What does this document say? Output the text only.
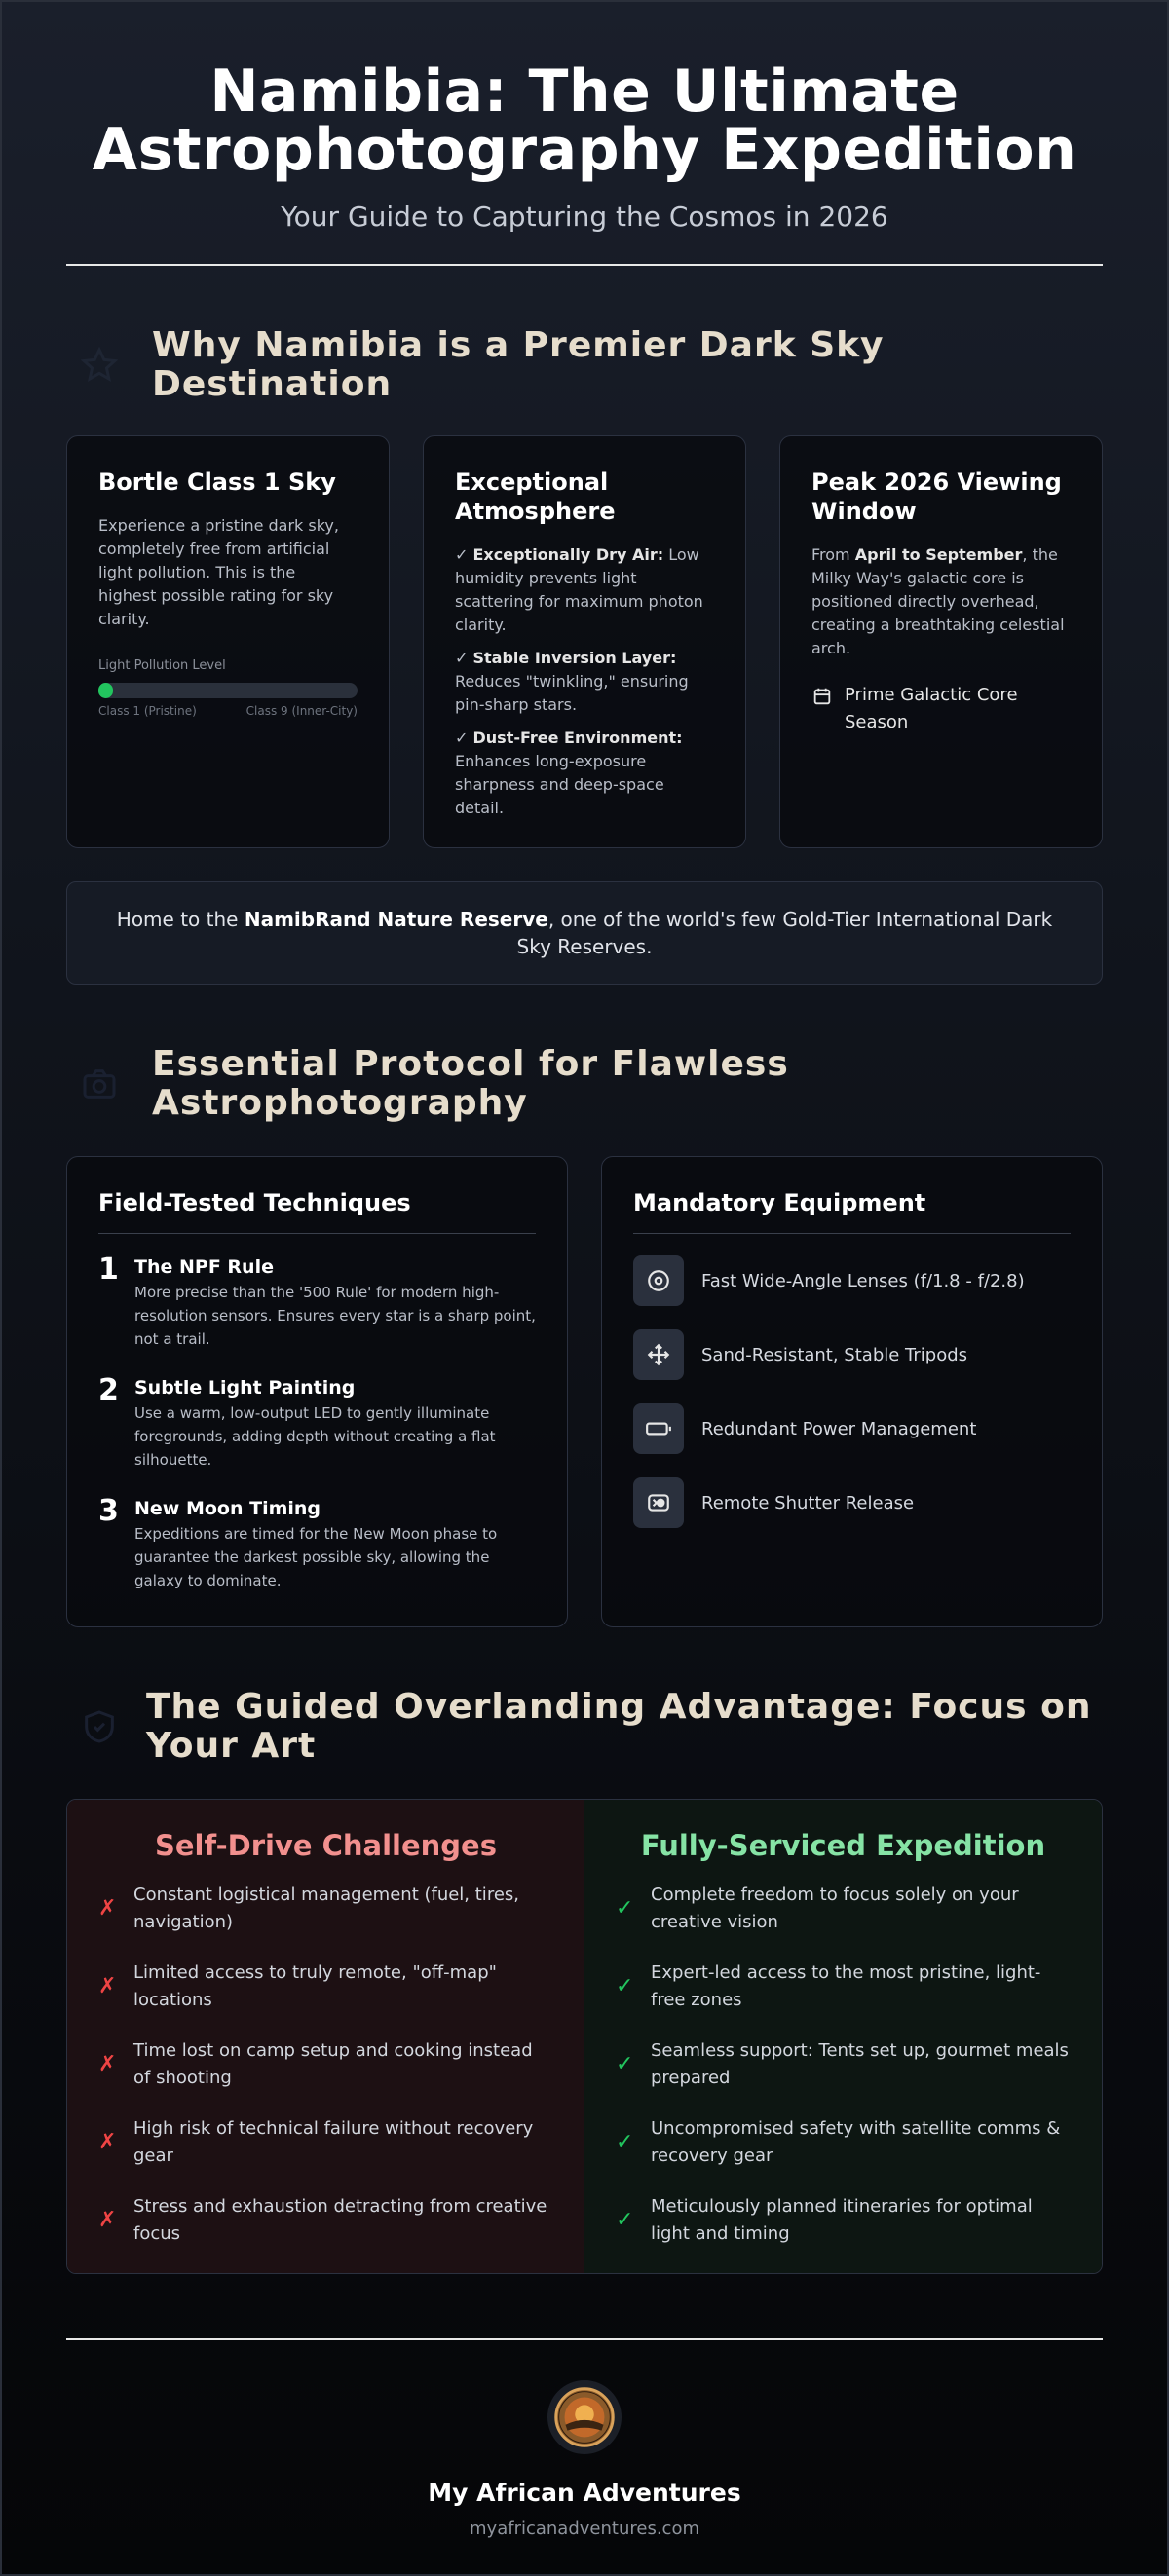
Namibia: The Ultimate
Astrophotography Expedition
Your Guide to Capturing the Cosmos in 2026
Why Namibia is a Premier Dark Sky
Destination
Bortle Class 1 Sky

Experience a pristine dark sky, completely free from artificial light pollution. This is the highest possible rating for sky clarity.

Light Pollution Level
Class 1 (Pristine)	Class 9 (Inner-City)
Exceptional Atmosphere
✓ Exceptionally Dry Air: Low humidity prevents light scattering for maximum photon clarity.
✓ Stable Inversion Layer: Reduces "twinkling," ensuring pin-sharp stars.
✓ Dust-Free Environment: Enhances long-exposure sharpness and deep-space detail.
Peak 2026 Viewing Window

From April to September, the Milky Way's galactic core is positioned directly overhead, creating a breathtaking celestial arch.

Prime Galactic Core Season
Home to the NamibRand Nature Reserve, one of the world's few Gold-Tier International Dark Sky Reserves.
Essential Protocol for Flawless
Astrophotography
Field-Tested Techniques
1 The NPF Rule
More precise than the '500 Rule' for modern high-resolution sensors. Ensures every star is a sharp point, not a trail.
2 Subtle Light Painting
Use a warm, low-output LED to gently illuminate foregrounds, adding depth without creating a flat silhouette.
3 New Moon Timing
Expeditions are timed for the New Moon phase to guarantee the darkest possible sky, allowing the galaxy to dominate.
Mandatory Equipment
Fast Wide-Angle Lenses (f/1.8 - f/2.8)
Sand-Resistant, Stable Tripods
Redundant Power Management
Remote Shutter Release
The Guided Overlanding Advantage: Focus on
Your Art
Self-Drive Challenges
✗
Constant logistical management (fuel, tires, navigation)
✗
Limited access to truly remote, "off-map" locations
✗
Time lost on camp setup and cooking instead of shooting
✗
High risk of technical failure without recovery gear
✗
Stress and exhaustion detracting from creative focus
Fully-Serviced Expedition
✓
Complete freedom to focus solely on your creative vision
✓
Expert-led access to the most pristine, light-free zones
✓
Seamless support: Tents set up, gourmet meals prepared
✓
Uncompromised safety with satellite comms & recovery gear
✓
Meticulously planned itineraries for optimal light and timing
My African Adventures
myafricanadventures.com
